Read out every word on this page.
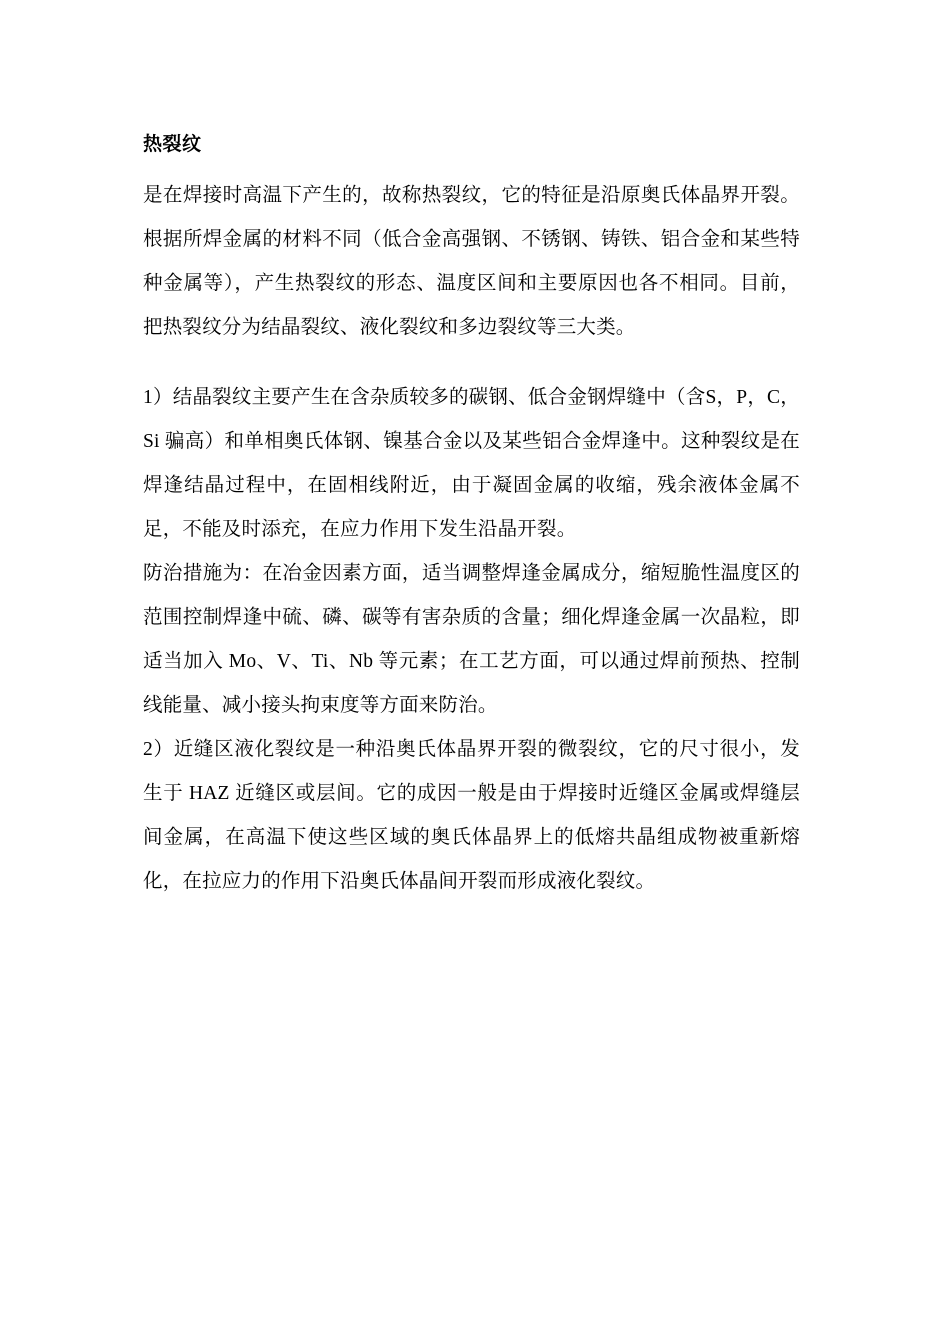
热裂纹

是在焊接时高温下产生的，故称热裂纹，它的特征是沿原奥氏体晶界开裂。根据所焊金属的材料不同（低合金高强钢、不锈钢、铸铁、铝合金和某些特种金属等），产生热裂纹的形态、温度区间和主要原因也各不相同。目前，把热裂纹分为结晶裂纹、液化裂纹和多边裂纹等三大类。

1）结晶裂纹主要产生在含杂质较多的碳钢、低合金钢焊缝中（含S，P，C，Si 骗高）和单相奥氏体钢、镍基合金以及某些铝合金焊逢中。这种裂纹是在焊逢结晶过程中，在固相线附近，由于凝固金属的收缩，残余液体金属不足，不能及时添充，在应力作用下发生沿晶开裂。

防治措施为：在冶金因素方面，适当调整焊逢金属成分，缩短脆性温度区的范围控制焊逢中硫、磷、碳等有害杂质的含量；细化焊逢金属一次晶粒，即适当加入 Mo、V、Ti、Nb 等元素；在工艺方面，可以通过焊前预热、控制线能量、减小接头拘束度等方面来防治。

2）近缝区液化裂纹是一种沿奥氏体晶界开裂的微裂纹，它的尺寸很小，发生于 HAZ 近缝区或层间。它的成因一般是由于焊接时近缝区金属或焊缝层间金属，在高温下使这些区域的奥氏体晶界上的低熔共晶组成物被重新熔化，在拉应力的作用下沿奥氏体晶间开裂而形成液化裂纹。
